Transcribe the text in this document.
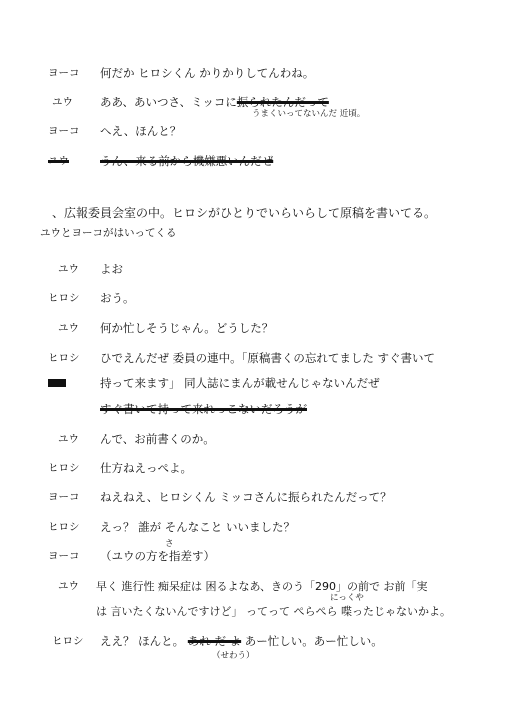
ヨーコ 何だか ヒロシくん かりかりしてんわね。
ユウ ああ、あいつさ、ミッコに振られたんだって
うまくいってないんだ 近頃。
ヨーコ へえ、ほんと？
ユウ	うん、来る前から機嫌悪いんだぜ
、広報委員会室の中。ヒロシがひとりでいらいらして原稿を書いてる。
ユウとヨーコがはいってくる
ユウ よお
ヒロシ おう。
ユウ 何か忙しそうじゃん。どうした？
ヒロシ ひでえんだぜ 委員の連中。「原稿書くの忘れてました すぐ書いて
持って来ます」 同人誌にまんが載せんじゃないんだぜ
すぐ書いて持って来れっこないだろうが
ユウ んで、お前書くのか。
ヒロシ 仕方ねえっぺよ。
ヨーコ ねえねえ、ヒロシくん ミッコさんに振られたんだって？
ヒロシ えっ？ 誰が そんなこと いいました？
さ
ヨーコ （ユウの方を指差す）
ユウ 早く 進行性 痴呆症は 困るよなあ、きのう「290」の前で お前「実
にっくや
は 言いたくないんですけど」 ってって ぺらぺら 喋ったじゃないかよ。
ヒロシ ええ？ ほんと。 あれ だ よ あー忙しい。あー忙しい。
（せわう）
